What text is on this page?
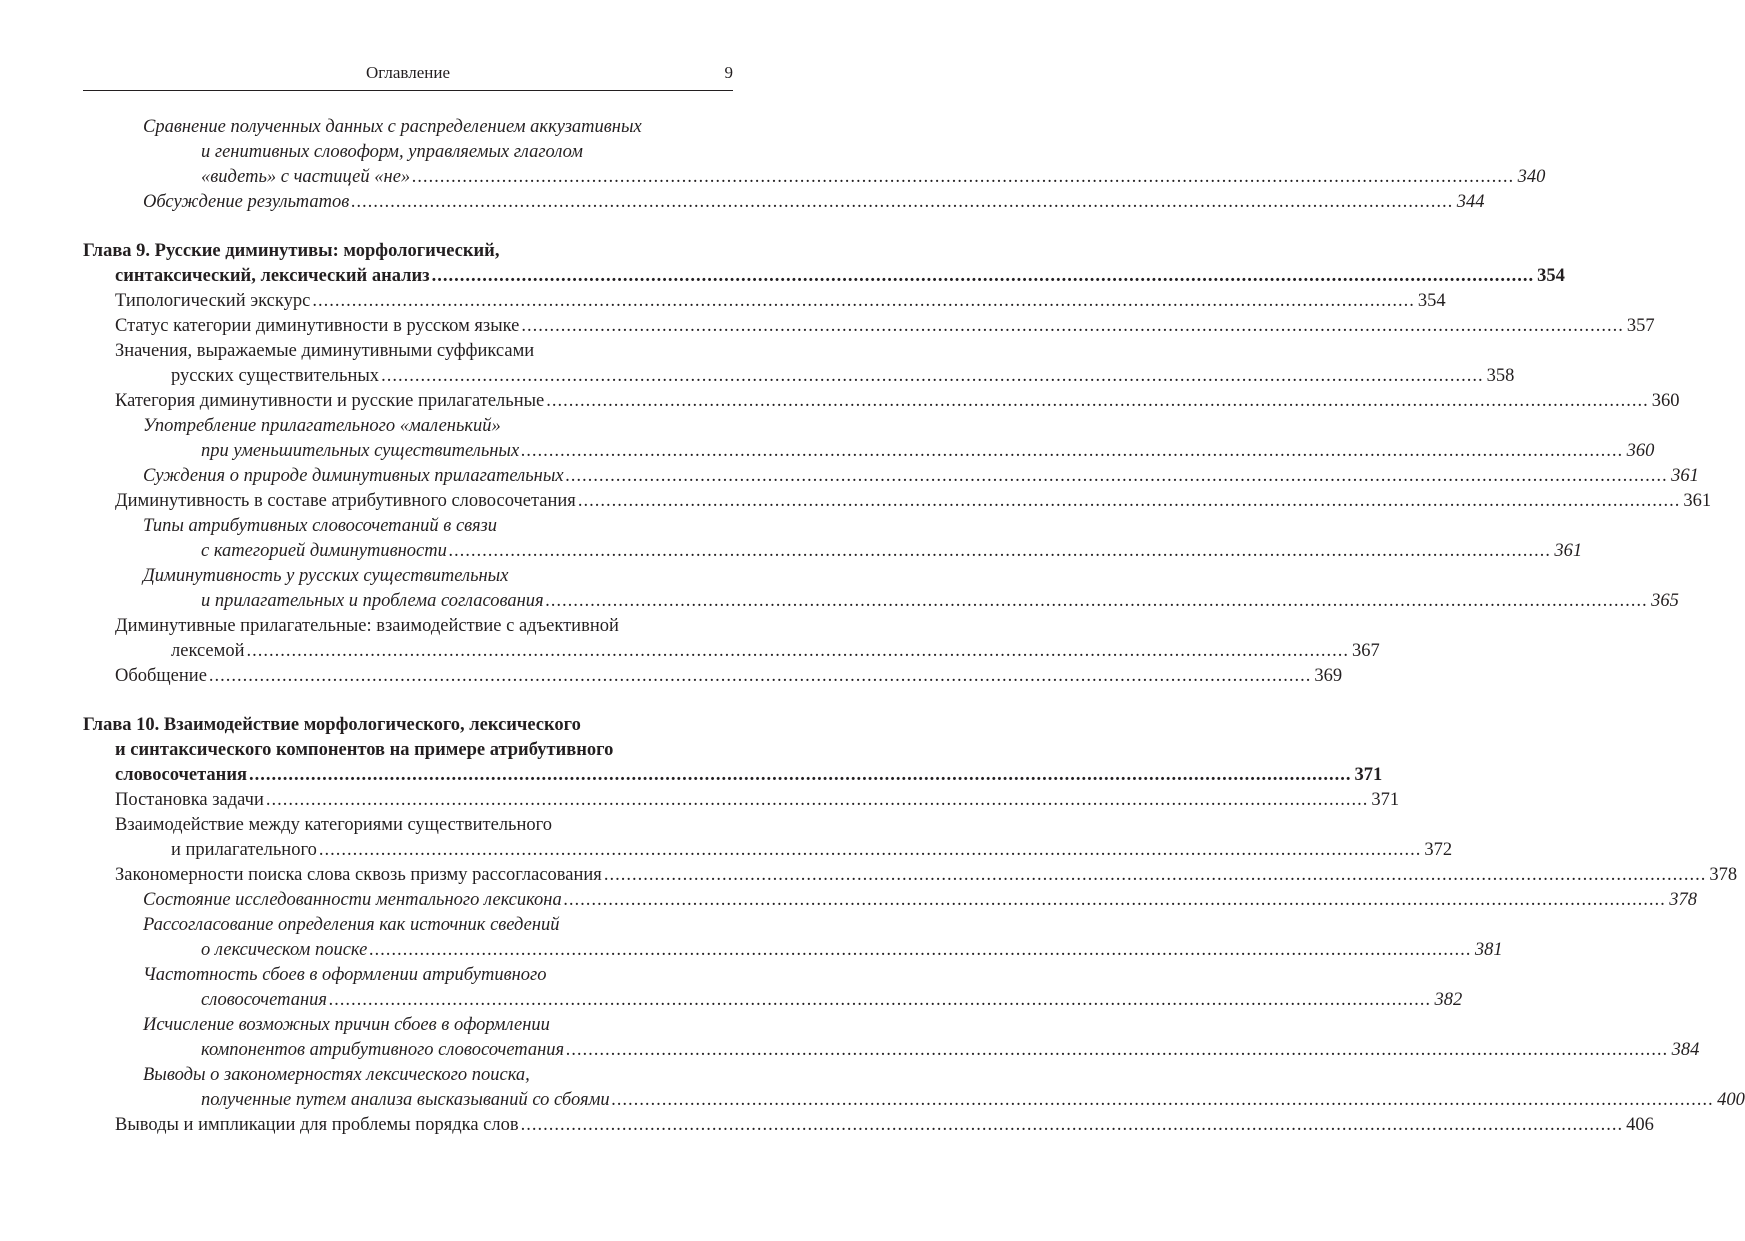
Оглавление	9
Сравнение полученных данных с распределением аккузативных
и генитивных словоформ, управляемых глаголом
«видеть» с частицей «не» .................................................................................................................................................................................................... 340
Обсуждение результатов .................................................................................................................................................................................................... 344
Глава 9. Русские диминутивы: морфологический,
синтаксический, лексический анализ .................................................................................................................................................................................................... 354
Типологический экскурс .................................................................................................................................................................................................... 354
Статус категории диминутивности в русском языке .................................................................................................................................................................................................... 357
Значения, выражаемые диминутивными суффиксами
русских существительных .................................................................................................................................................................................................... 358
Категория диминутивности и русские прилагательные .................................................................................................................................................................................................... 360
Употребление прилагательного «маленький»
при уменьшительных существительных .................................................................................................................................................................................................... 360
Суждения о природе диминутивных прилагательных .................................................................................................................................................................................................... 361
Диминутивность в составе атрибутивного словосочетания .................................................................................................................................................................................................... 361
Типы атрибутивных словосочетаний в связи
с категорией диминутивности .................................................................................................................................................................................................... 361
Диминутивность у русских существительных
и прилагательных и проблема согласования .................................................................................................................................................................................................... 365
Диминутивные прилагательные: взаимодействие с адъективной
лексемой .................................................................................................................................................................................................... 367
Обобщение .................................................................................................................................................................................................... 369
Глава 10. Взаимодействие морфологического, лексического
и синтаксического компонентов на примере атрибутивного
словосочетания .................................................................................................................................................................................................... 371
Постановка задачи .................................................................................................................................................................................................... 371
Взаимодействие между категориями существительного
и прилагательного .................................................................................................................................................................................................... 372
Закономерности поиска слова сквозь призму рассогласования .................................................................................................................................................................................................... 378
Состояние исследованности ментального лексикона .................................................................................................................................................................................................... 378
Рассогласование определения как источник сведений
о лексическом поиске .................................................................................................................................................................................................... 381
Частотность сбоев в оформлении атрибутивного
словосочетания .................................................................................................................................................................................................... 382
Исчисление возможных причин сбоев в оформлении
компонентов атрибутивного словосочетания .................................................................................................................................................................................................... 384
Выводы о закономерностях лексического поиска,
полученные путем анализа высказываний со сбоями .................................................................................................................................................................................................... 400
Выводы и импликации для проблемы порядка слов .................................................................................................................................................................................................... 406
